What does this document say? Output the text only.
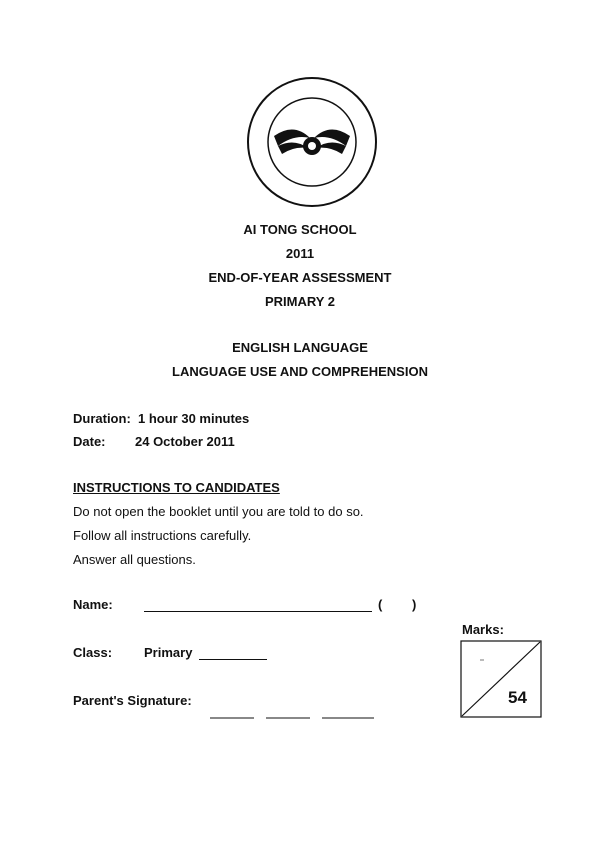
AI TONG SCHOOL
2011
END-OF-YEAR ASSESSMENT
PRIMARY 2
ENGLISH LANGUAGE
LANGUAGE USE AND COMPREHENSION
Duration: 1 hour 30 minutes
Date: 24 October 2011
INSTRUCTIONS TO CANDIDATES
Do not open the booklet until you are told to do so.
Follow all instructions carefully.
Answer all questions.
Name:	( )
Marks:
Class: Primary
Parent's Signature:	54
